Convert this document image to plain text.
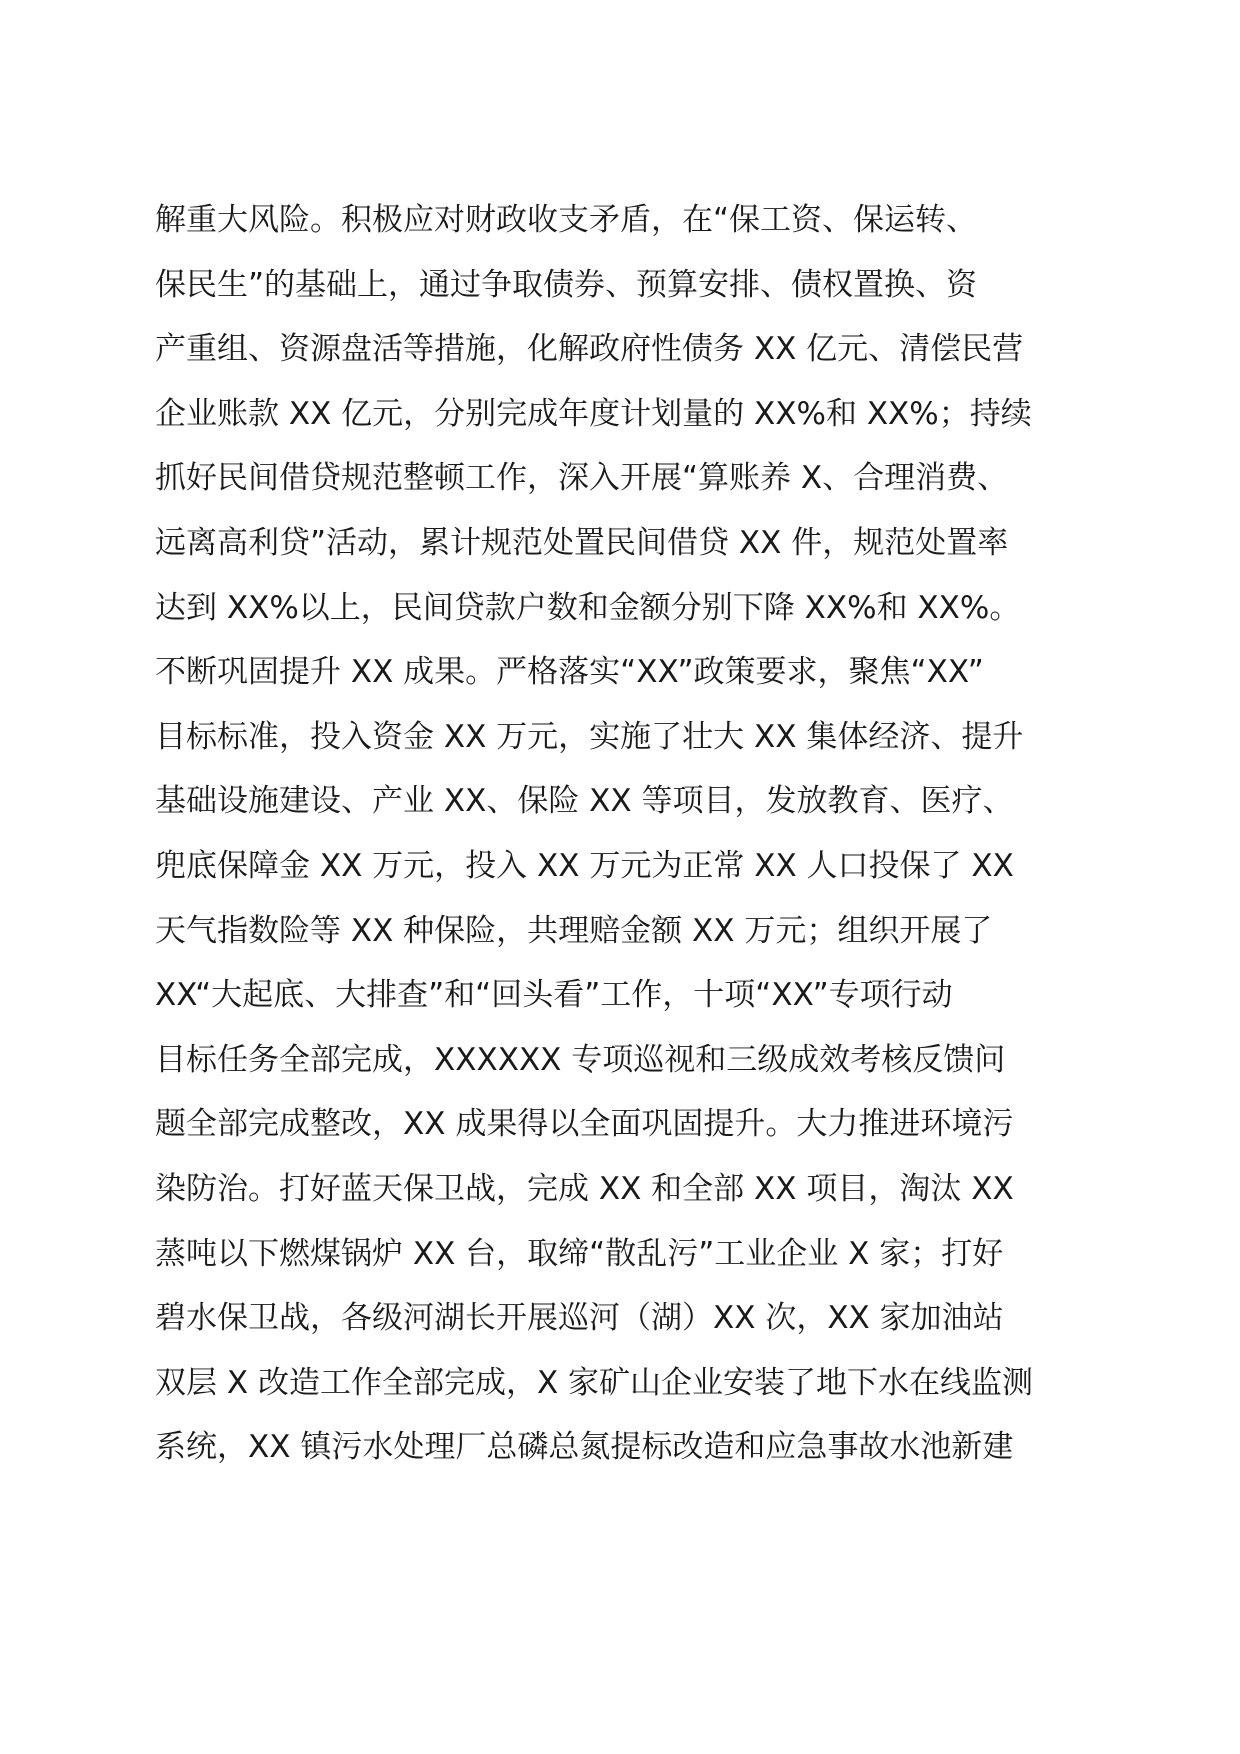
解重大风险。积极应对财政收支矛盾，在“保工资、保运转、
保民生”的基础上，通过争取债券、预算安排、债权置换、资
产重组、资源盘活等措施，化解政府性债务 XX 亿元、清偿民营
企业账款 XX 亿元，分别完成年度计划量的 XX%和 XX%；持续
抓好民间借贷规范整顿工作，深入开展“算账养 X、合理消费、
远离高利贷”活动，累计规范处置民间借贷 XX 件，规范处置率
达到 XX%以上，民间贷款户数和金额分别下降 XX%和 XX%。
不断巩固提升 XX 成果。严格落实“XX”政策要求，聚焦“XX”
目标标准，投入资金 XX 万元，实施了壮大 XX 集体经济、提升
基础设施建设、产业 XX、保险 XX 等项目，发放教育、医疗、
兜底保障金 XX 万元，投入 XX 万元为正常 XX 人口投保了 XX
天气指数险等 XX 种保险，共理赔金额 XX 万元；组织开展了
XX“大起底、大排查”和“回头看”工作，十项“XX”专项行动
目标任务全部完成，XXXXXX 专项巡视和三级成效考核反馈问
题全部完成整改，XX 成果得以全面巩固提升。大力推进环境污
染防治。打好蓝天保卫战，完成 XX 和全部 XX 项目，淘汰 XX
蒸吨以下燃煤锅炉 XX 台，取缔“散乱污”工业企业 X 家；打好
碧水保卫战，各级河湖长开展巡河（湖）XX 次，XX 家加油站
双层 X 改造工作全部完成，X 家矿山企业安装了地下水在线监测
系统，XX 镇污水处理厂总磷总氮提标改造和应急事故水池新建
